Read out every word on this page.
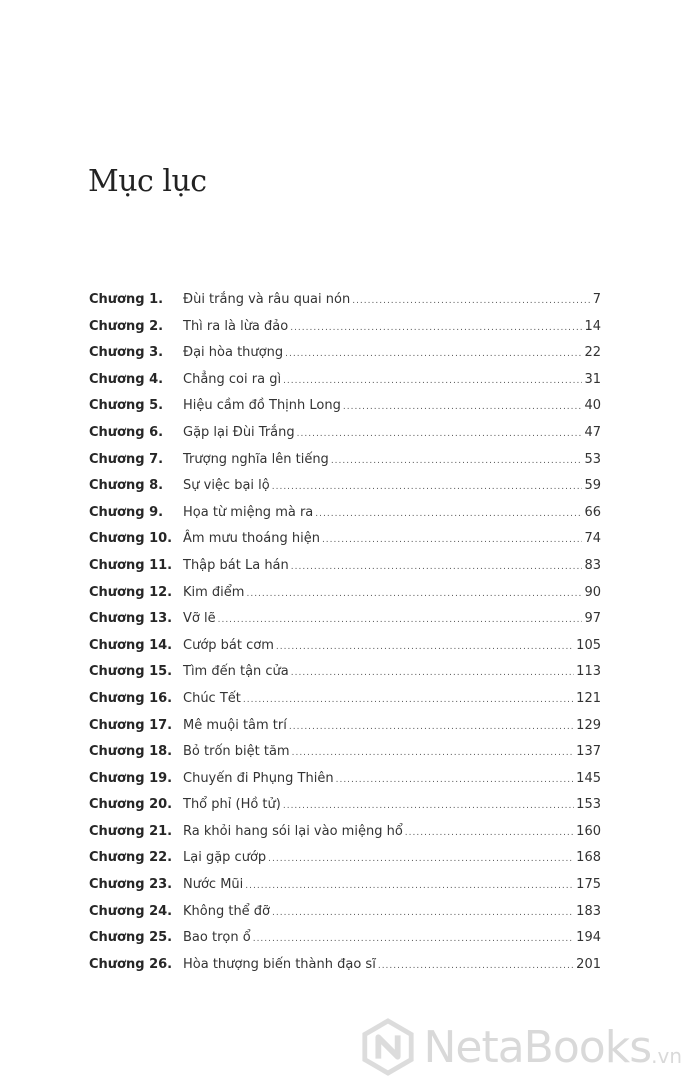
Mục lục
Chương 1.	Đùi trắng và râu quai nón .....	7
Chương 2.	Thì ra là lừa đảo .....	14
Chương 3.	Đại hòa thượng .....	22
Chương 4.	Chẳng coi ra gì .....	31
Chương 5.	Hiệu cầm đồ Thịnh Long .....	40
Chương 6.	Gặp lại Đùi Trắng .....	47
Chương 7.	Trượng nghĩa lên tiếng .....	53
Chương 8.	Sự việc bại lộ .....	59
Chương 9.	Họa từ miệng mà ra .....	66
Chương 10. Âm mưu thoáng hiện .....	74
Chương 11. Thập bát La hán .....	83
Chương 12. Kim điểm .....	90
Chương 13. Vỡ lẽ .....	97
Chương 14. Cướp bát cơm .....	105
Chương 15. Tìm đến tận cửa .....	113
Chương 16. Chúc Tết .....	121
Chương 17. Mê muội tâm trí .....	129
Chương 18. Bỏ trốn biệt tăm .....	137
Chương 19. Chuyến đi Phụng Thiên .....	145
Chương 20. Thổ phỉ (Hồ tử) .....	153
Chương 21. Ra khỏi hang sói lại vào miệng hổ .....	160
Chương 22. Lại gặp cướp .....	168
Chương 23. Nước Mũi .....	175
Chương 24. Không thể đỡ .....	183
Chương 25. Bao trọn ổ .....	194
Chương 26. Hòa thượng biến thành đạo sĩ .....	201
NetaBooks .vn
